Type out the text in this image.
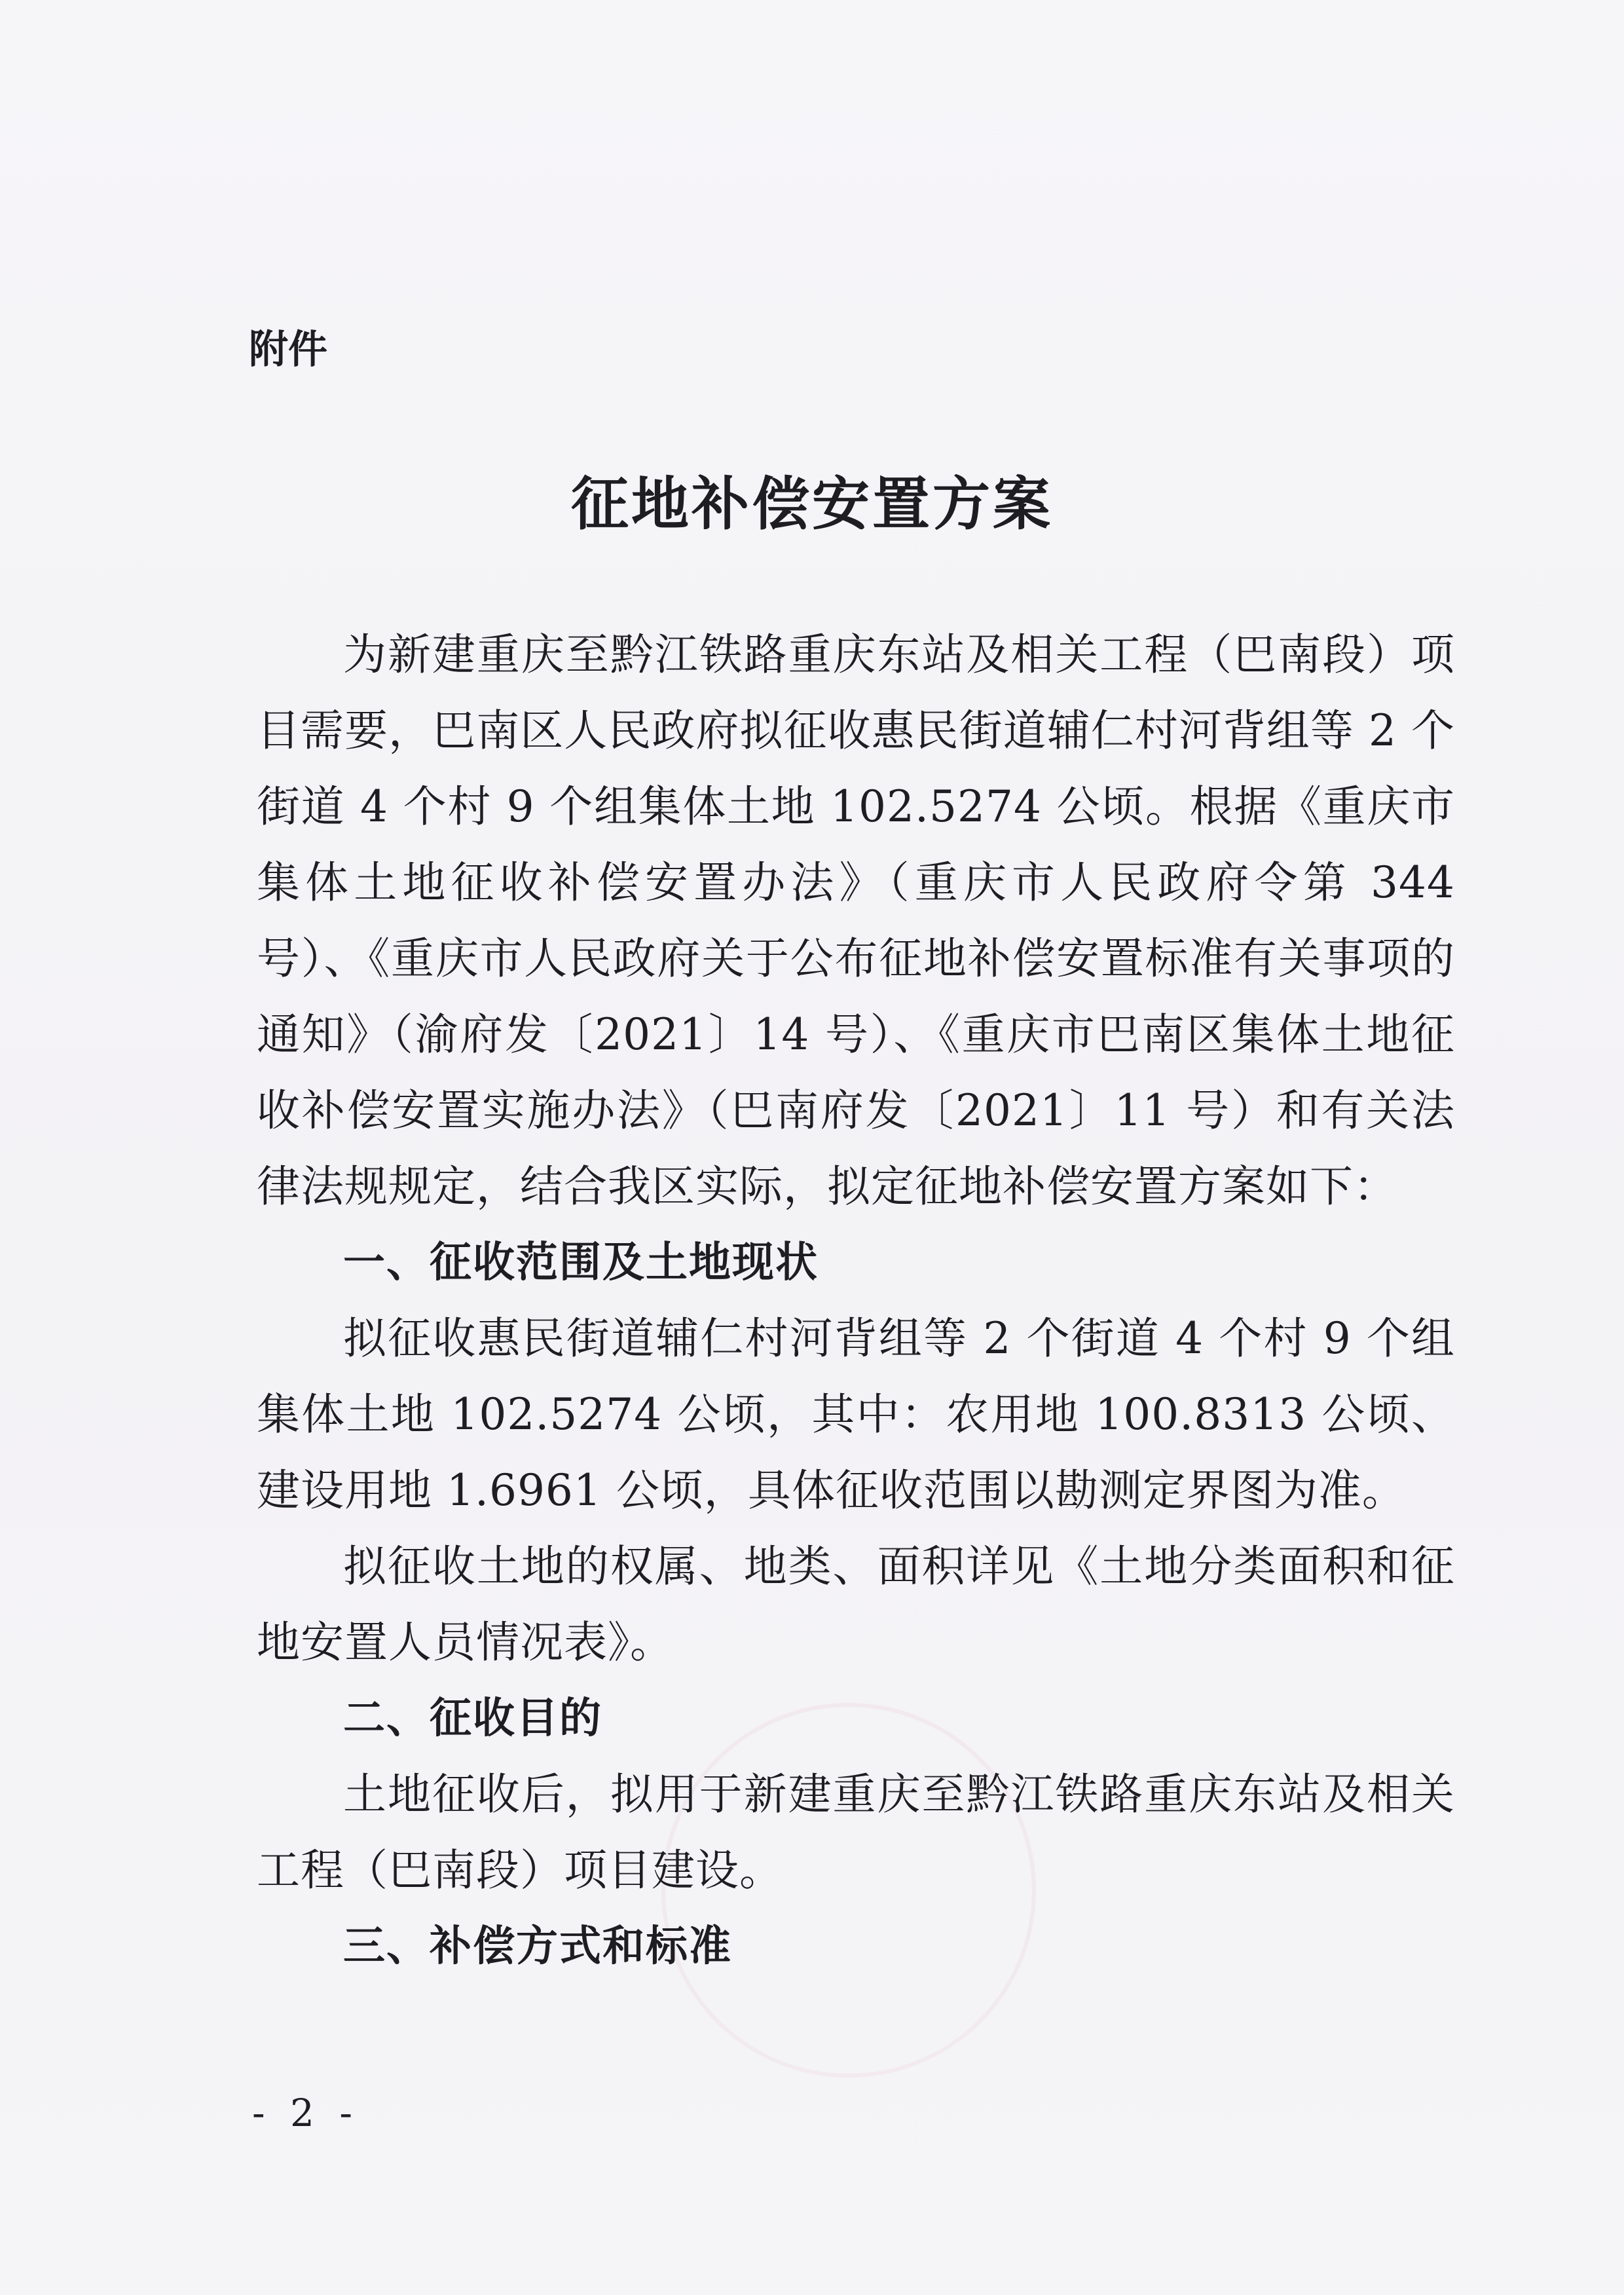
附件

征地补偿安置方案

为新建重庆至黔江铁路重庆东站及相关工程（巴南段）项目需要，巴南区人民政府拟征收惠民街道辅仁村河背组等 2 个街道 4 个村 9 个组集体土地 102.5274 公顷。根据《重庆市集体土地征收补偿安置办法》（重庆市人民政府令第 344 号）、《重庆市人民政府关于公布征地补偿安置标准有关事项的通知》（渝府发〔2021〕14 号）、《重庆市巴南区集体土地征收补偿安置实施办法》（巴南府发〔2021〕11 号）和有关法律法规规定，结合我区实际，拟定征地补偿安置方案如下：

一、征收范围及土地现状

拟征收惠民街道辅仁村河背组等 2 个街道 4 个村 9 个组集体土地 102.5274 公顷，其中：农用地 100.8313 公顷、建设用地 1.6961 公顷，具体征收范围以勘测定界图为准。

拟征收土地的权属、地类、面积详见《土地分类面积和征地安置人员情况表》。

二、征收目的

土地征收后，拟用于新建重庆至黔江铁路重庆东站及相关工程（巴南段）项目建设。

三、补偿方式和标准
- 2 -
